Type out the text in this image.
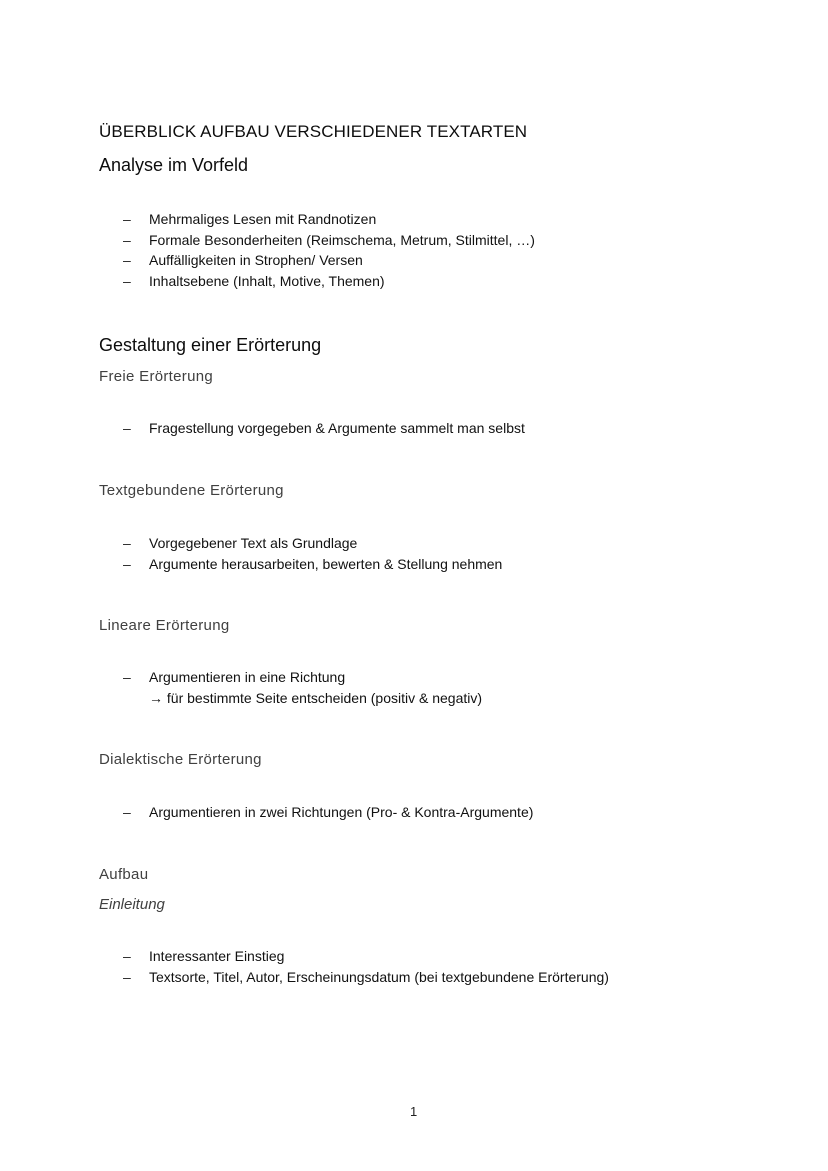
ÜBERBLICK AUFBAU VERSCHIEDENER TEXTARTEN
Analyse im Vorfeld
– Mehrmaliges Lesen mit Randnotizen
– Formale Besonderheiten (Reimschema, Metrum, Stilmittel, …)
– Auffälligkeiten in Strophen/ Versen
– Inhaltsebene (Inhalt, Motive, Themen)
Gestaltung einer Erörterung
Freie Erörterung
– Fragestellung vorgegeben & Argumente sammelt man selbst
Textgebundene Erörterung
– Vorgegebener Text als Grundlage
– Argumente herausarbeiten, bewerten & Stellung nehmen
Lineare Erörterung
– Argumentieren in eine Richtung
→ für bestimmte Seite entscheiden (positiv & negativ)
Dialektische Erörterung
– Argumentieren in zwei Richtungen (Pro- & Kontra-Argumente)
Aufbau
Einleitung
– Interessanter Einstieg
– Textsorte, Titel, Autor, Erscheinungsdatum (bei textgebundene Erörterung)
1
